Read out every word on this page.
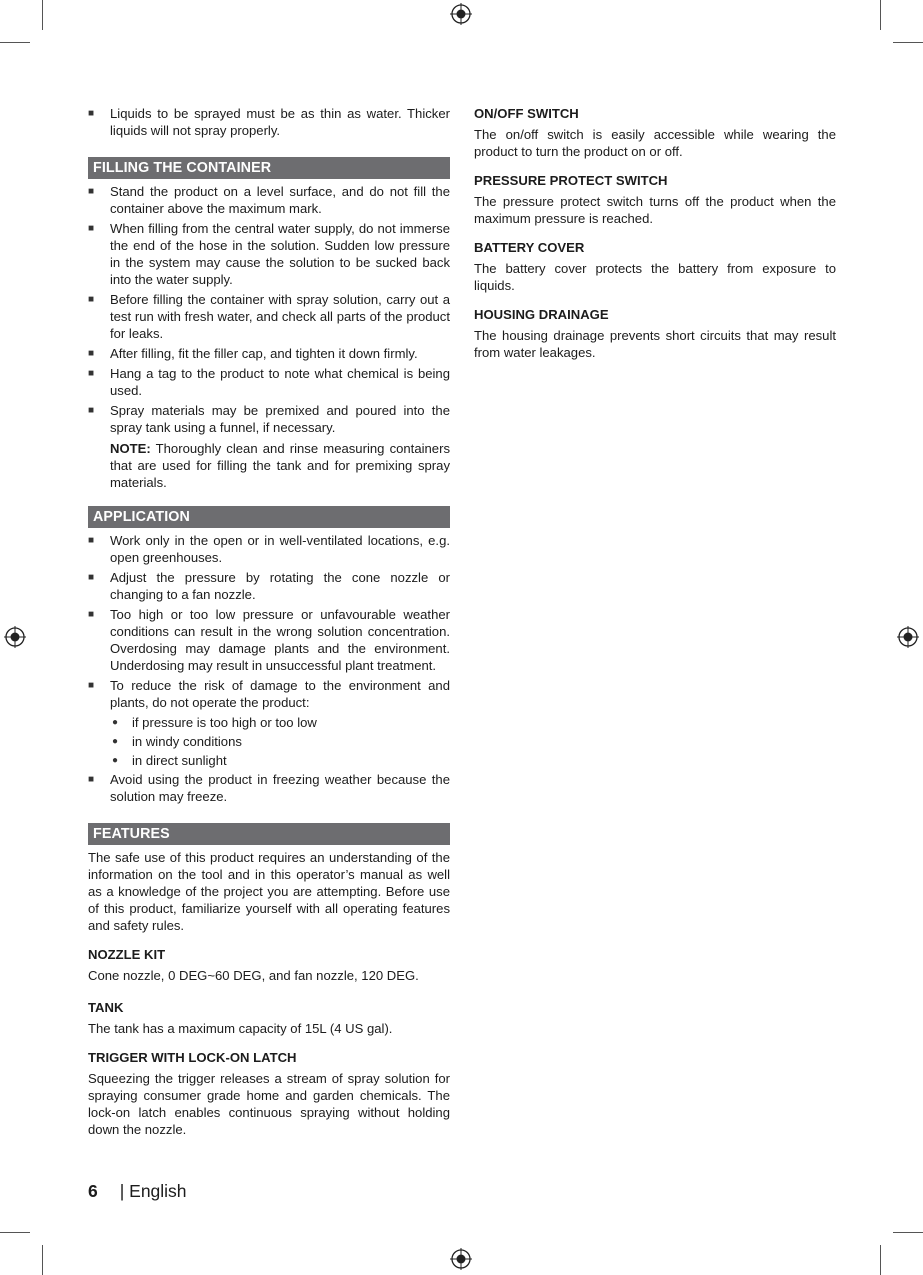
■ Liquids to be sprayed must be as thin as water. Thicker liquids will not spray properly.
FILLING THE CONTAINER
■ Stand the product on a level surface, and do not fill the container above the maximum mark.
■ When filling from the central water supply, do not immerse the end of the hose in the solution. Sudden low pressure in the system may cause the solution to be sucked back into the water supply.
■ Before filling the container with spray solution, carry out a test run with fresh water, and check all parts of the product for leaks.
■ After filling, fit the filler cap, and tighten it down firmly.
■ Hang a tag to the product to note what chemical is being used.
■ Spray materials may be premixed and poured into the spray tank using a funnel, if necessary.
NOTE: Thoroughly clean and rinse measuring containers that are used for filling the tank and for premixing spray materials.
APPLICATION
■ Work only in the open or in well-ventilated locations, e.g. open greenhouses.
■ Adjust the pressure by rotating the cone nozzle or changing to a fan nozzle.
■ Too high or too low pressure or unfavourable weather conditions can result in the wrong solution concentration. Overdosing may damage plants and the environment. Underdosing may result in unsuccessful plant treatment.
■ To reduce the risk of damage to the environment and plants, do not operate the product:
● if pressure is too high or too low
● in windy conditions
● in direct sunlight
■ Avoid using the product in freezing weather because the solution may freeze.
FEATURES

The safe use of this product requires an understanding of the information on the tool and in this operator’s manual as well as a knowledge of the project you are attempting. Before use of this product, familiarize yourself with all operating features and safety rules.

NOZZLE KIT

Cone nozzle, 0 DEG~60 DEG, and fan nozzle, 120 DEG.

TANK

The tank has a maximum capacity of 15L (4 US gal).

TRIGGER WITH LOCK-ON LATCH

Squeezing the trigger releases a stream of spray solution for spraying consumer grade home and garden chemicals. The lock-on latch enables continuous spraying without holding down the nozzle.

ON/OFF SWITCH

The on/off switch is easily accessible while wearing the product to turn the product on or off.

PRESSURE PROTECT SWITCH

The pressure protect switch turns off the product when the maximum pressure is reached.

BATTERY COVER

The battery cover protects the battery from exposure to liquids.

HOUSING DRAINAGE

The housing drainage prevents short circuits that may result from water leakages.

6 | English
